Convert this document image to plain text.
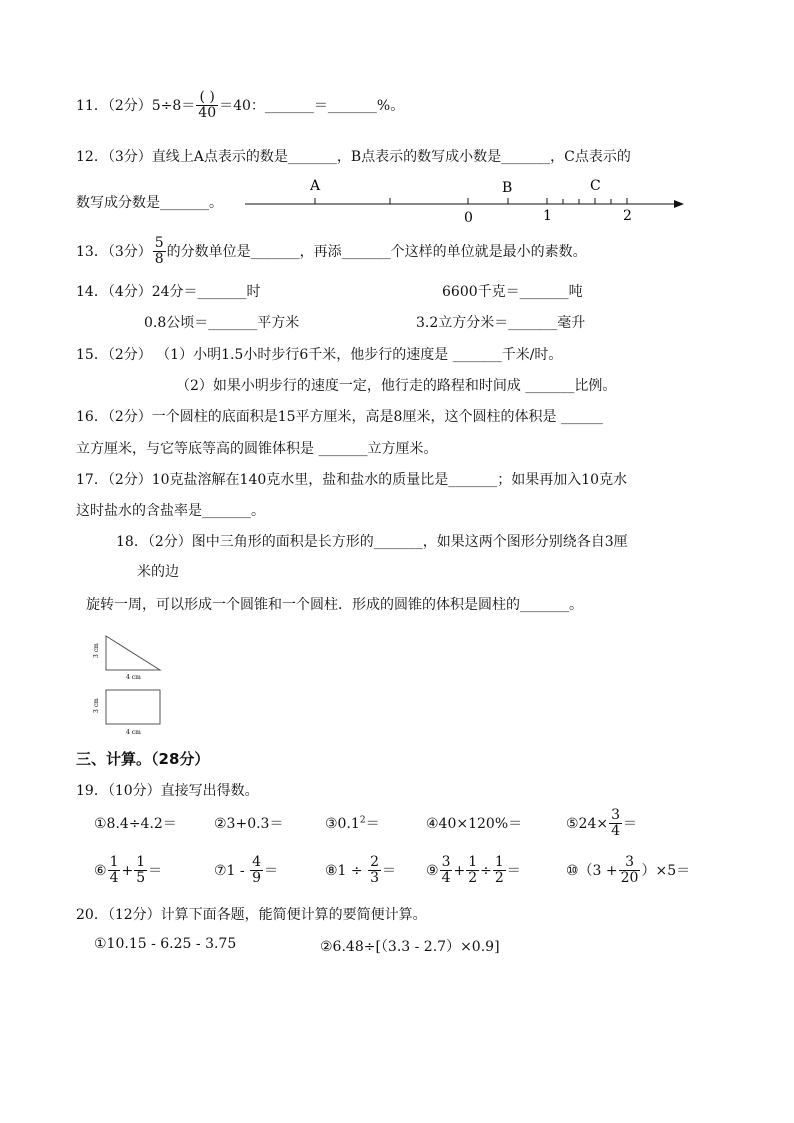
11．（2分）$5\div 8= \frac{( )}{40} =40$：_______＝_______%。
12．（3分）直线上A点表示的数是_______，B点表示的数写成小数是_______，C点表示的
数写成分数是_______。
A	B	C
0	1	2
13．（3分） $\frac{5}{8}$ 的分数单位是_______，再添_______个这样的单位就是最小的素数。
14．（4分）24分＝_______时	6600千克＝_______吨
0.8公顷＝_______平方米	3.2立方分米＝_______毫升
15．（2分） （1）小明1.5小时步行6千米，他步行的速度是 _______千米/时。
（2）如果小明步行的速度一定，他行走的路程和时间成 _______比例。
16．（2分）一个圆柱的底面积是15平方厘米，高是8厘米，这个圆柱的体积是 ______
立方厘米，与它等底等高的圆锥体积是 _______立方厘米。
17．（2分）10克盐溶解在140克水里，盐和盐水的质量比是_______；如果再加入10克水
这时盐水的含盐率是_______。
18．（2分）图中三角形的面积是长方形的_______，如果这两个图形分别绕各自3厘
米的边
旋转一周，可以形成一个圆锥和一个圆柱．形成的圆锥的体积是圆柱的_______。
3 cm
4 cm
3 cm
4 cm
三、计算。（28分）
19．（10分）直接写出得数。
①8.4÷4.2＝	②3+0.3＝	$③0.1^2=$	④40×120%＝	⑤24× $\frac{3}{4}$ ＝
⑥ $\frac{1}{4} + \frac{1}{5}$ ＝	⑦1 - $\frac{4}{9}$ ＝	⑧1 ÷ $\frac{2}{3}$ ＝ ⑨ $\frac{3}{4} + \frac{1}{2} \div \frac{1}{2}$ ＝	⑩（3 + $\frac{3}{20} )\times 5=$
20．（12分）计算下面各题，能简便计算的要简便计算。
①10.15 - 6.25 - 3.75	②6.48÷[（3.3 - 2.7）×0.9]
